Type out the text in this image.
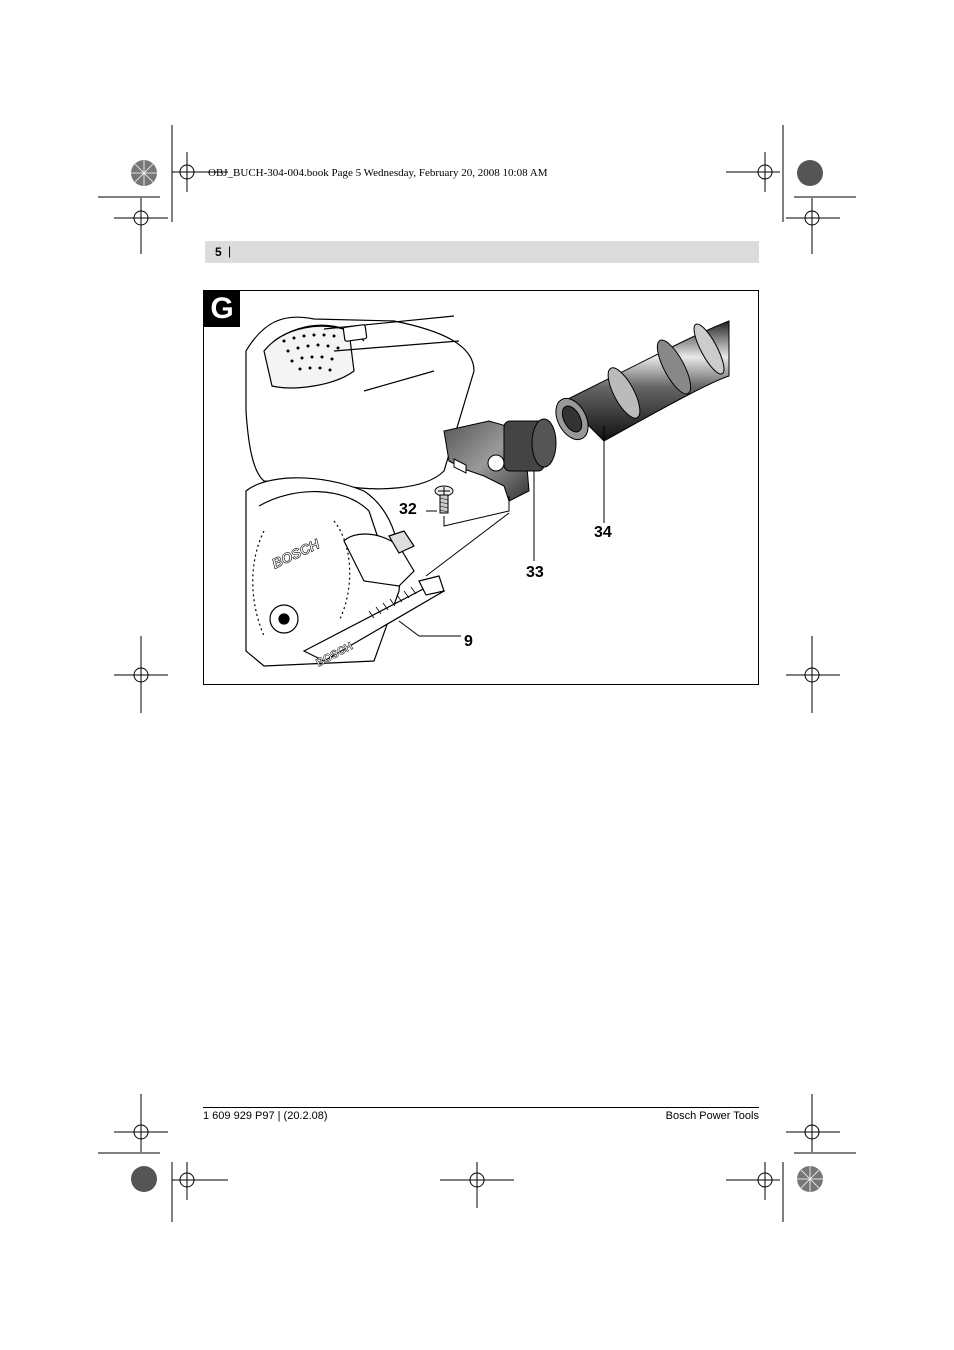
OBJ_BUCH-304-004.book Page 5 Wednesday, February 20, 2008 10:08 AM
5 |
G
BOSCH
BOSCH
32
33
34
9
1 609 929 P97 | (20.2.08)	Bosch Power Tools
